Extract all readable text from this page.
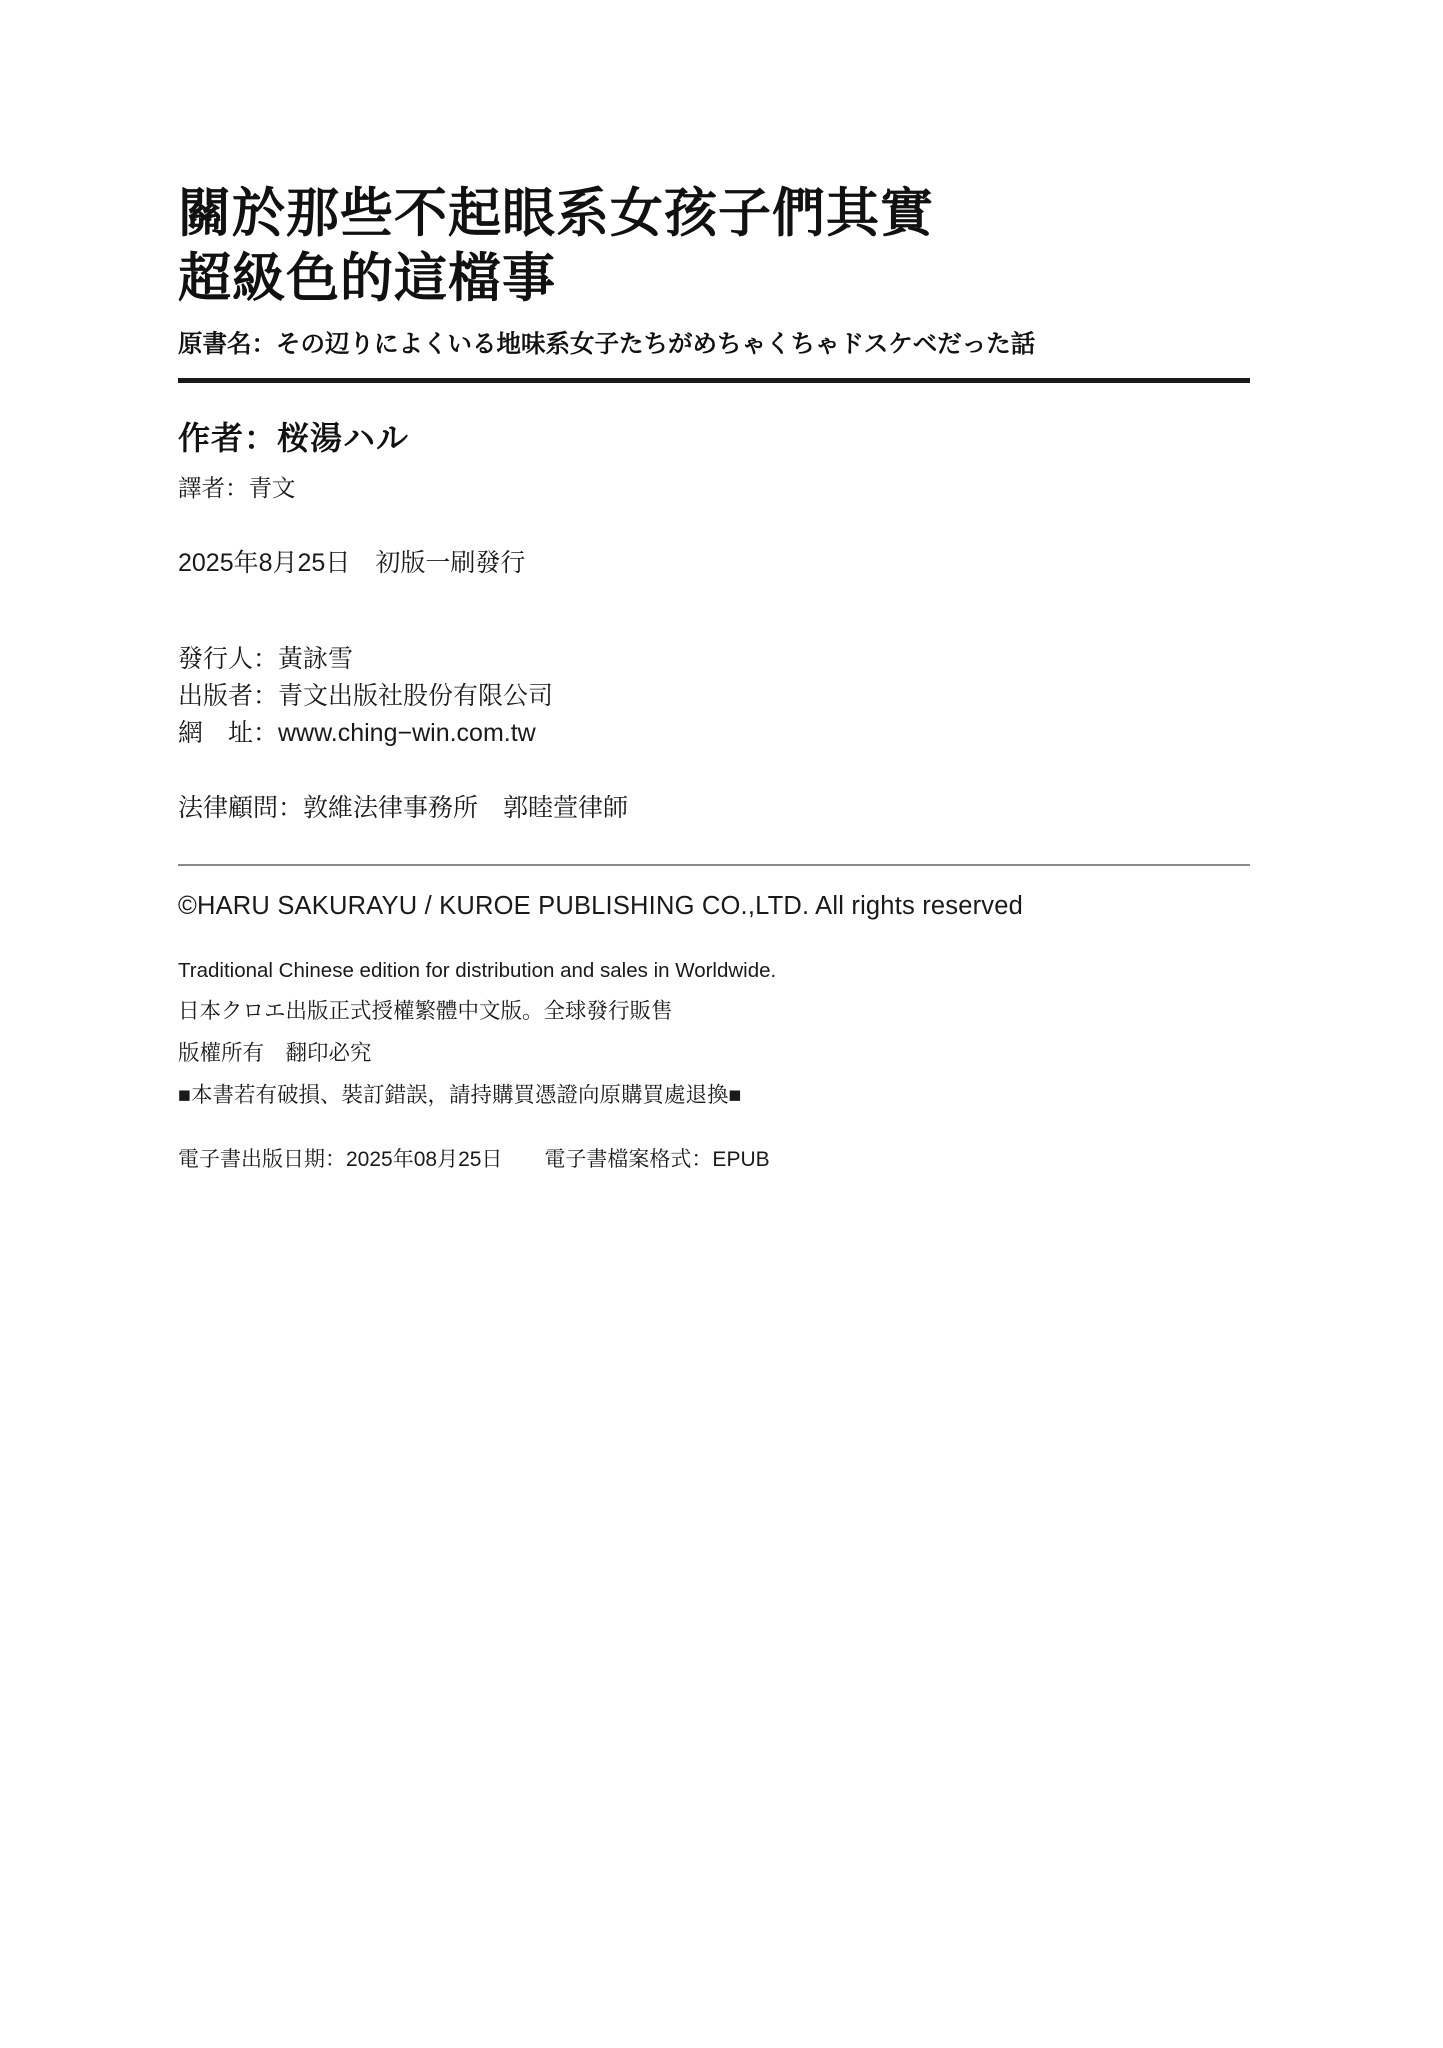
關於那些不起眼系女孩子們其實
超級色的這檔事
原書名：その辺りによくいる地味系女子たちがめちゃくちゃドスケベだった話
作者：桜湯ハル
譯者：青文
2025年8月25日　初版一刷發行
發行人：黃詠雪
出版者：青文出版社股份有限公司
網　址：www.ching−win.com.tw
法律顧問：敦維法律事務所　郭睦萱律師
©HARU SAKURAYU / KUROE PUBLISHING CO.,LTD. All rights reserved
Traditional Chinese edition for distribution and sales in Worldwide.
日本クロエ出版正式授權繁體中文版。全球發行販售
版權所有　翻印必究
■本書若有破損、裝訂錯誤，請持購買憑證向原購買處退換■
電子書出版日期：2025年08月25日　　電子書檔案格式：EPUB
